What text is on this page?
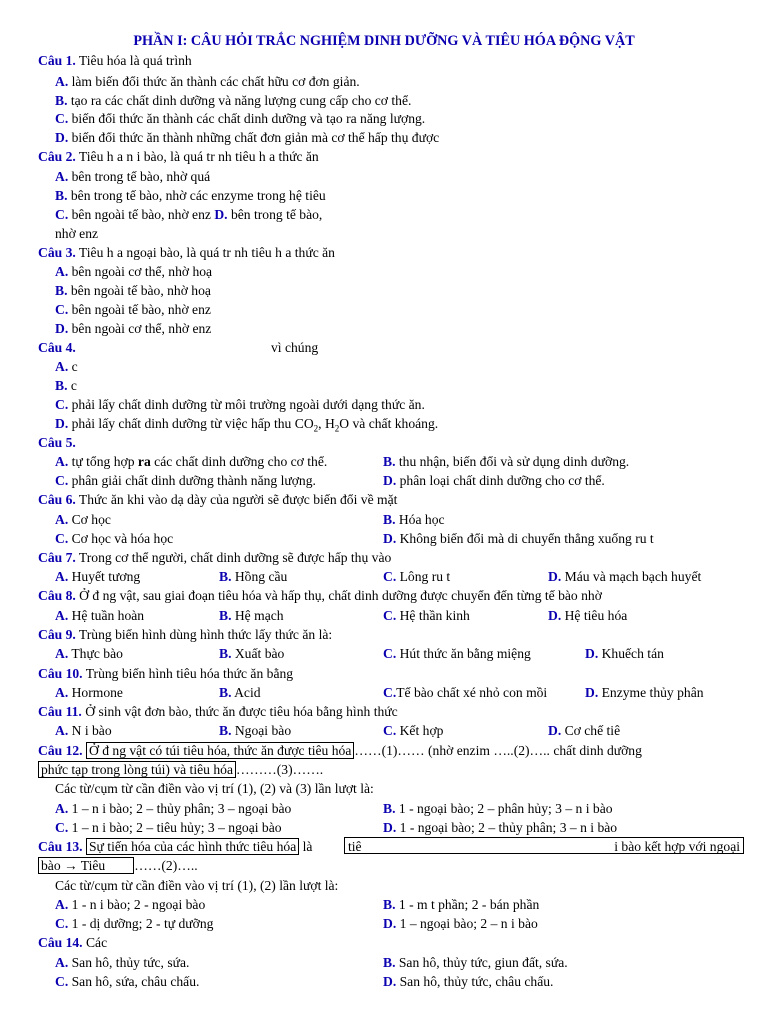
PHẦN I: CÂU HỎI TRẮC NGHIỆM DINH DƯỠNG VÀ TIÊU HÓA ĐỘNG VẬT
Câu 1. Tiêu hóa là quá trình
A. làm biến đổi thức ăn thành các chất hữu cơ đơn giản.
B. tạo ra các chất dinh dưỡng và năng lượng cung cấp cho cơ thể.
C. biến đổi thức ăn thành các chất dinh dưỡng và tạo ra năng lượng.
D. biến đổi thức ăn thành những chất đơn giản mà cơ thể hấp thụ được
Câu 2. Tiêu h a n i bào, là quá tr nh tiêu h a thức ăn
A. bên trong tế bào, nhờ quá
B. bên trong tế bào, nhờ các enzyme trong hệ tiêu
C. bên ngoài tế bào, nhờ enz D. bên trong tế bào,
nhờ enz
Câu 3. Tiêu h a ngoại bào, là quá tr nh tiêu h a thức ăn
A. bên ngoài cơ thể, nhờ hoạ
B. bên ngoài tế bào, nhờ hoạ
C. bên ngoài tế bào, nhờ enz
D. bên ngoài cơ thể, nhờ enz
Câu 4.	vì chúng
A. c
B. c
C. phải lấy chất dinh dưỡng từ môi trường ngoài dưới dạng thức ăn.
D. phải lấy chất dinh dưỡng từ việc hấp thu $CO_2$, $H_2O$ và chất khoáng.
Câu 5.
A. tự tổng hợp ra các chất dinh dưỡng cho cơ thể.	B. thu nhận, biến đổi và sử dụng dinh dưỡng.
C. phân giải chất dinh dưỡng thành năng lượng.	D. phân loại chất dinh dưỡng cho cơ thể.
Câu 6. Thức ăn khi vào dạ dày của người sẽ được biến đổi về mặt
A. Cơ học	B. Hóa học
C. Cơ học và hóa học	D. Không biến đổi mà di chuyển thẳng xuống ru t
Câu 7. Trong cơ thể người, chất dinh dưỡng sẽ được hấp thụ vào
A. Huyết tương	B. Hồng cầu	C. Lông ru t	D. Máu và mạch bạch huyết
Câu 8. Ở đ ng vật, sau giai đoạn tiêu hóa và hấp thụ, chất dinh dưỡng được chuyển đến từng tế bào nhờ
A. Hệ tuần hoàn	B. Hệ mạch	C. Hệ thần kinh	D. Hệ tiêu hóa
Câu 9. Trùng biến hình dùng hình thức lấy thức ăn là:
A. Thực bào	B. Xuất bào	C. Hút thức ăn bằng miệng	D. Khuếch tán
Câu 10. Trùng biến hình tiêu hóa thức ăn bằng
A. Hormone	B. Acid	C.Tế bào chất xé nhỏ con mồi	D. Enzyme thủy phân
Câu 11. Ở sinh vật đơn bào, thức ăn được tiêu hóa bằng hình thức
A. N i bào	B. Ngoại bào	C. Kết hợp	D. Cơ chế tiê
Câu 12. Ở đ ng vật có túi tiêu hóa, thức ăn được tiêu hóa ……(1)…… (nhờ enzim …..(2)….. chất dinh dưỡng
phức tạp trong lòng túi) và tiêu hóa ………(3)…….
Các từ/cụm từ cần điền vào vị trí (1), (2) và (3) lần lượt là:
A. 1 – n i bào; 2 – thủy phân; 3 – ngoại bào	B. 1 - ngoại bào; 2 – phân hủy; 3 – n i bào
C. 1 – n i bào; 2 – tiêu hủy; 3 – ngoại bào	D. 1 - ngoại bào; 2 – thủy phân; 3 – n i bào
Câu 13. Sự tiến hóa của các hình thức tiêu hóa là	tiê	i bào kết hợp với ngoại
bào → Tiêu ……(2)…..
Các từ/cụm từ cần điền vào vị trí (1), (2) lần lượt là:
A. 1 - n i bào; 2 - ngoại bào	B. 1 - m t phần; 2 - bán phần
C. 1 - dị dưỡng; 2 - tự dưỡng	D. 1 – ngoại bào; 2 – n i bào
Câu 14. Các
A. San hô, thủy tức, sứa.	B. San hô, thủy tức, giun đất, sứa.
C. San hô, sứa, châu chấu.	D. San hô, thủy tức, châu chấu.
